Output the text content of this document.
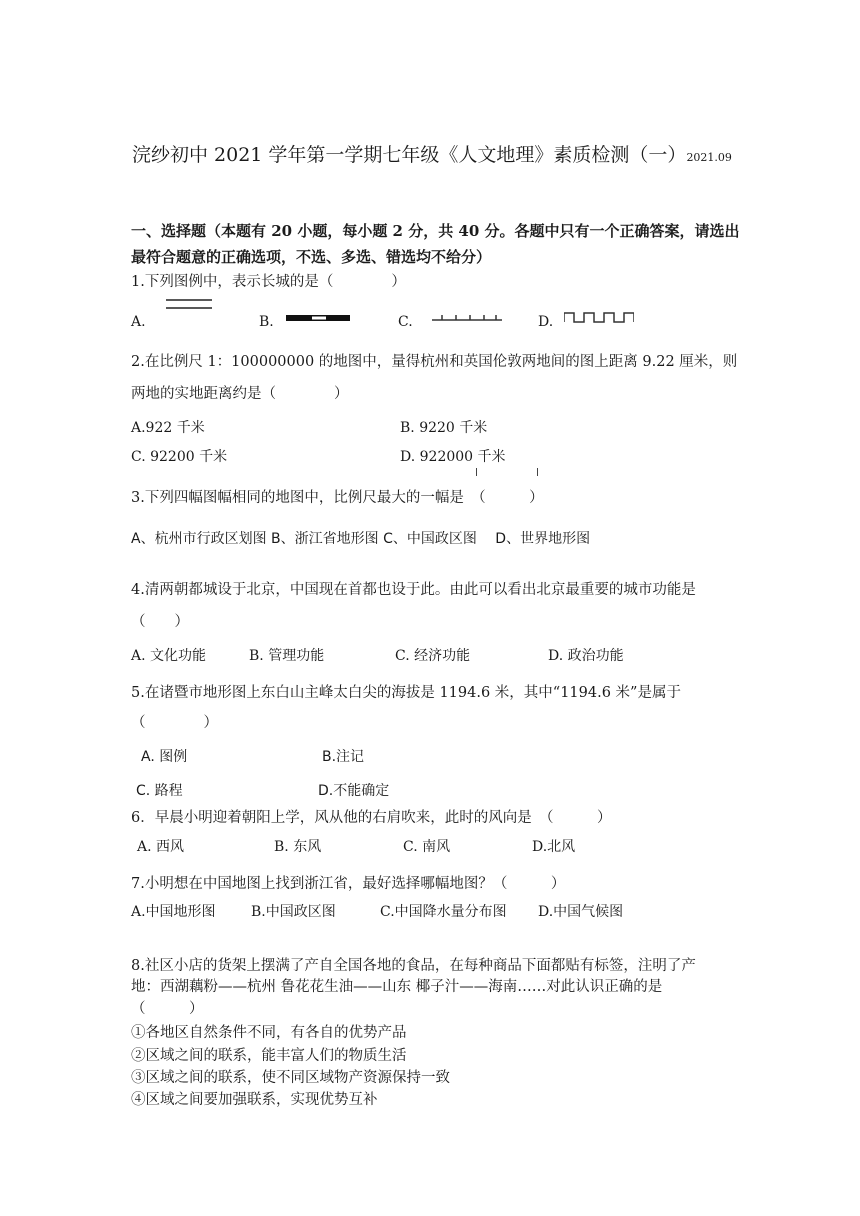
浣纱初中 2021 学年第一学期七年级《人文地理》素质检测（一）2021.09
一、选择题（本题有 20 小题，每小题 2 分，共 40 分。各题中只有一个正确答案，请选出
最符合题意的正确选项，不选、多选、错选均不给分）
1.下列图例中，表示长城的是（　　　　）
A.	B.	C.	D.
2.在比例尺 1：100000000 的地图中，量得杭州和英国伦敦两地间的图上距离 9.22 厘米，则
两地的实地距离约是（　　　　）
A.922 千米	B. 9220 千米
C. 92200 千米	D. 922000 千米
3.下列四幅图幅相同的地图中，比例尺最大的一幅是　（　　　）
A、杭州市行政区划图 B、浙江省地形图 C、中国政区图　 D、世界地形图
4.清两朝都城设于北京，中国现在首都也设于此。由此可以看出北京最重要的城市功能是
（　　）
A. 文化功能	B. 管理功能	C. 经济功能	D. 政治功能
5.在诸暨市地形图上东白山主峰太白尖的海拔是 1194.6 米，其中“1194.6 米”是属于
（　　　　）
A. 图例	B.注记
C. 路程	D.不能确定
6．早晨小明迎着朝阳上学，风从他的右肩吹来，此时的风向是　（　　　）
A. 西风	B. 东风	C. 南风	D.北风
7.小明想在中国地图上找到浙江省，最好选择哪幅地图？（　　　）
A.中国地形图	B.中国政区图	C.中国降水量分布图 D.中国气候图
8.社区小店的货架上摆满了产自全国各地的食品，在每种商品下面都贴有标签，注明了产
地：西湖藕粉——杭州 鲁花花生油——山东 椰子汁——海南……对此认识正确的是
（　　　）
①各地区自然条件不同，有各自的优势产品
②区域之间的联系，能丰富人们的物质生活
③区域之间的联系，使不同区域物产资源保持一致
④区域之间要加强联系，实现优势互补
